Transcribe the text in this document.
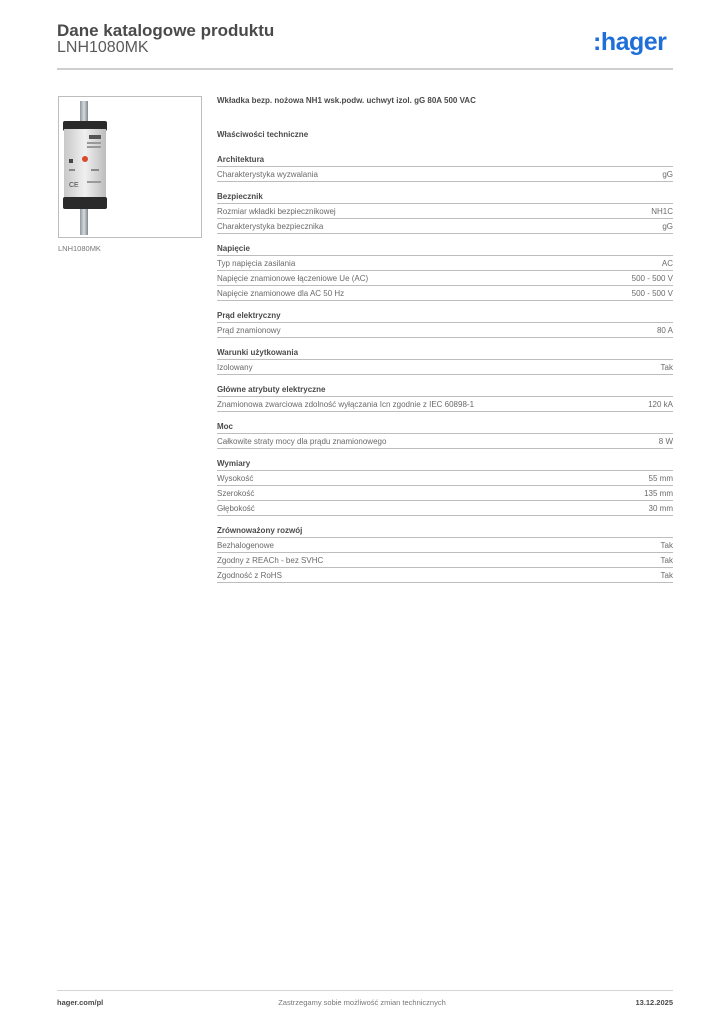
Dane katalogowe produktu
LNH1080MK	:hager
CE
LNH1080MK
Wkładka bezp. nożowa NH1 wsk.podw. uchwyt izol. gG 80A 500 VAC
Właściwości techniczne
Architektura
Charakterystyka wyzwalania	gG
Bezpiecznik
Rozmiar wkładki bezpiecznikowej	NH1C
Charakterystyka bezpiecznika	gG
Napięcie
Typ napięcia zasilania	AC
Napięcie znamionowe łączeniowe Ue (AC)	500 - 500 V
Napięcie znamionowe dla AC 50 Hz	500 - 500 V
Prąd elektryczny
Prąd znamionowy	80 A
Warunki użytkowania
Izolowany	Tak
Główne atrybuty elektryczne
Znamionowa zwarciowa zdolność wyłączania Icn zgodnie z IEC 60898-1	120 kA
Moc
Całkowite straty mocy dla prądu znamionowego	8 W
Wymiary
Wysokość	55 mm
Szerokość	135 mm
Głębokość	30 mm
Zrównoważony rozwój
Bezhalogenowe	Tak
Zgodny z REACh - bez SVHC	Tak
Zgodność z RoHS	Tak
hager.com/pl	Zastrzegamy sobie możliwość zmian technicznych	13.12.2025
